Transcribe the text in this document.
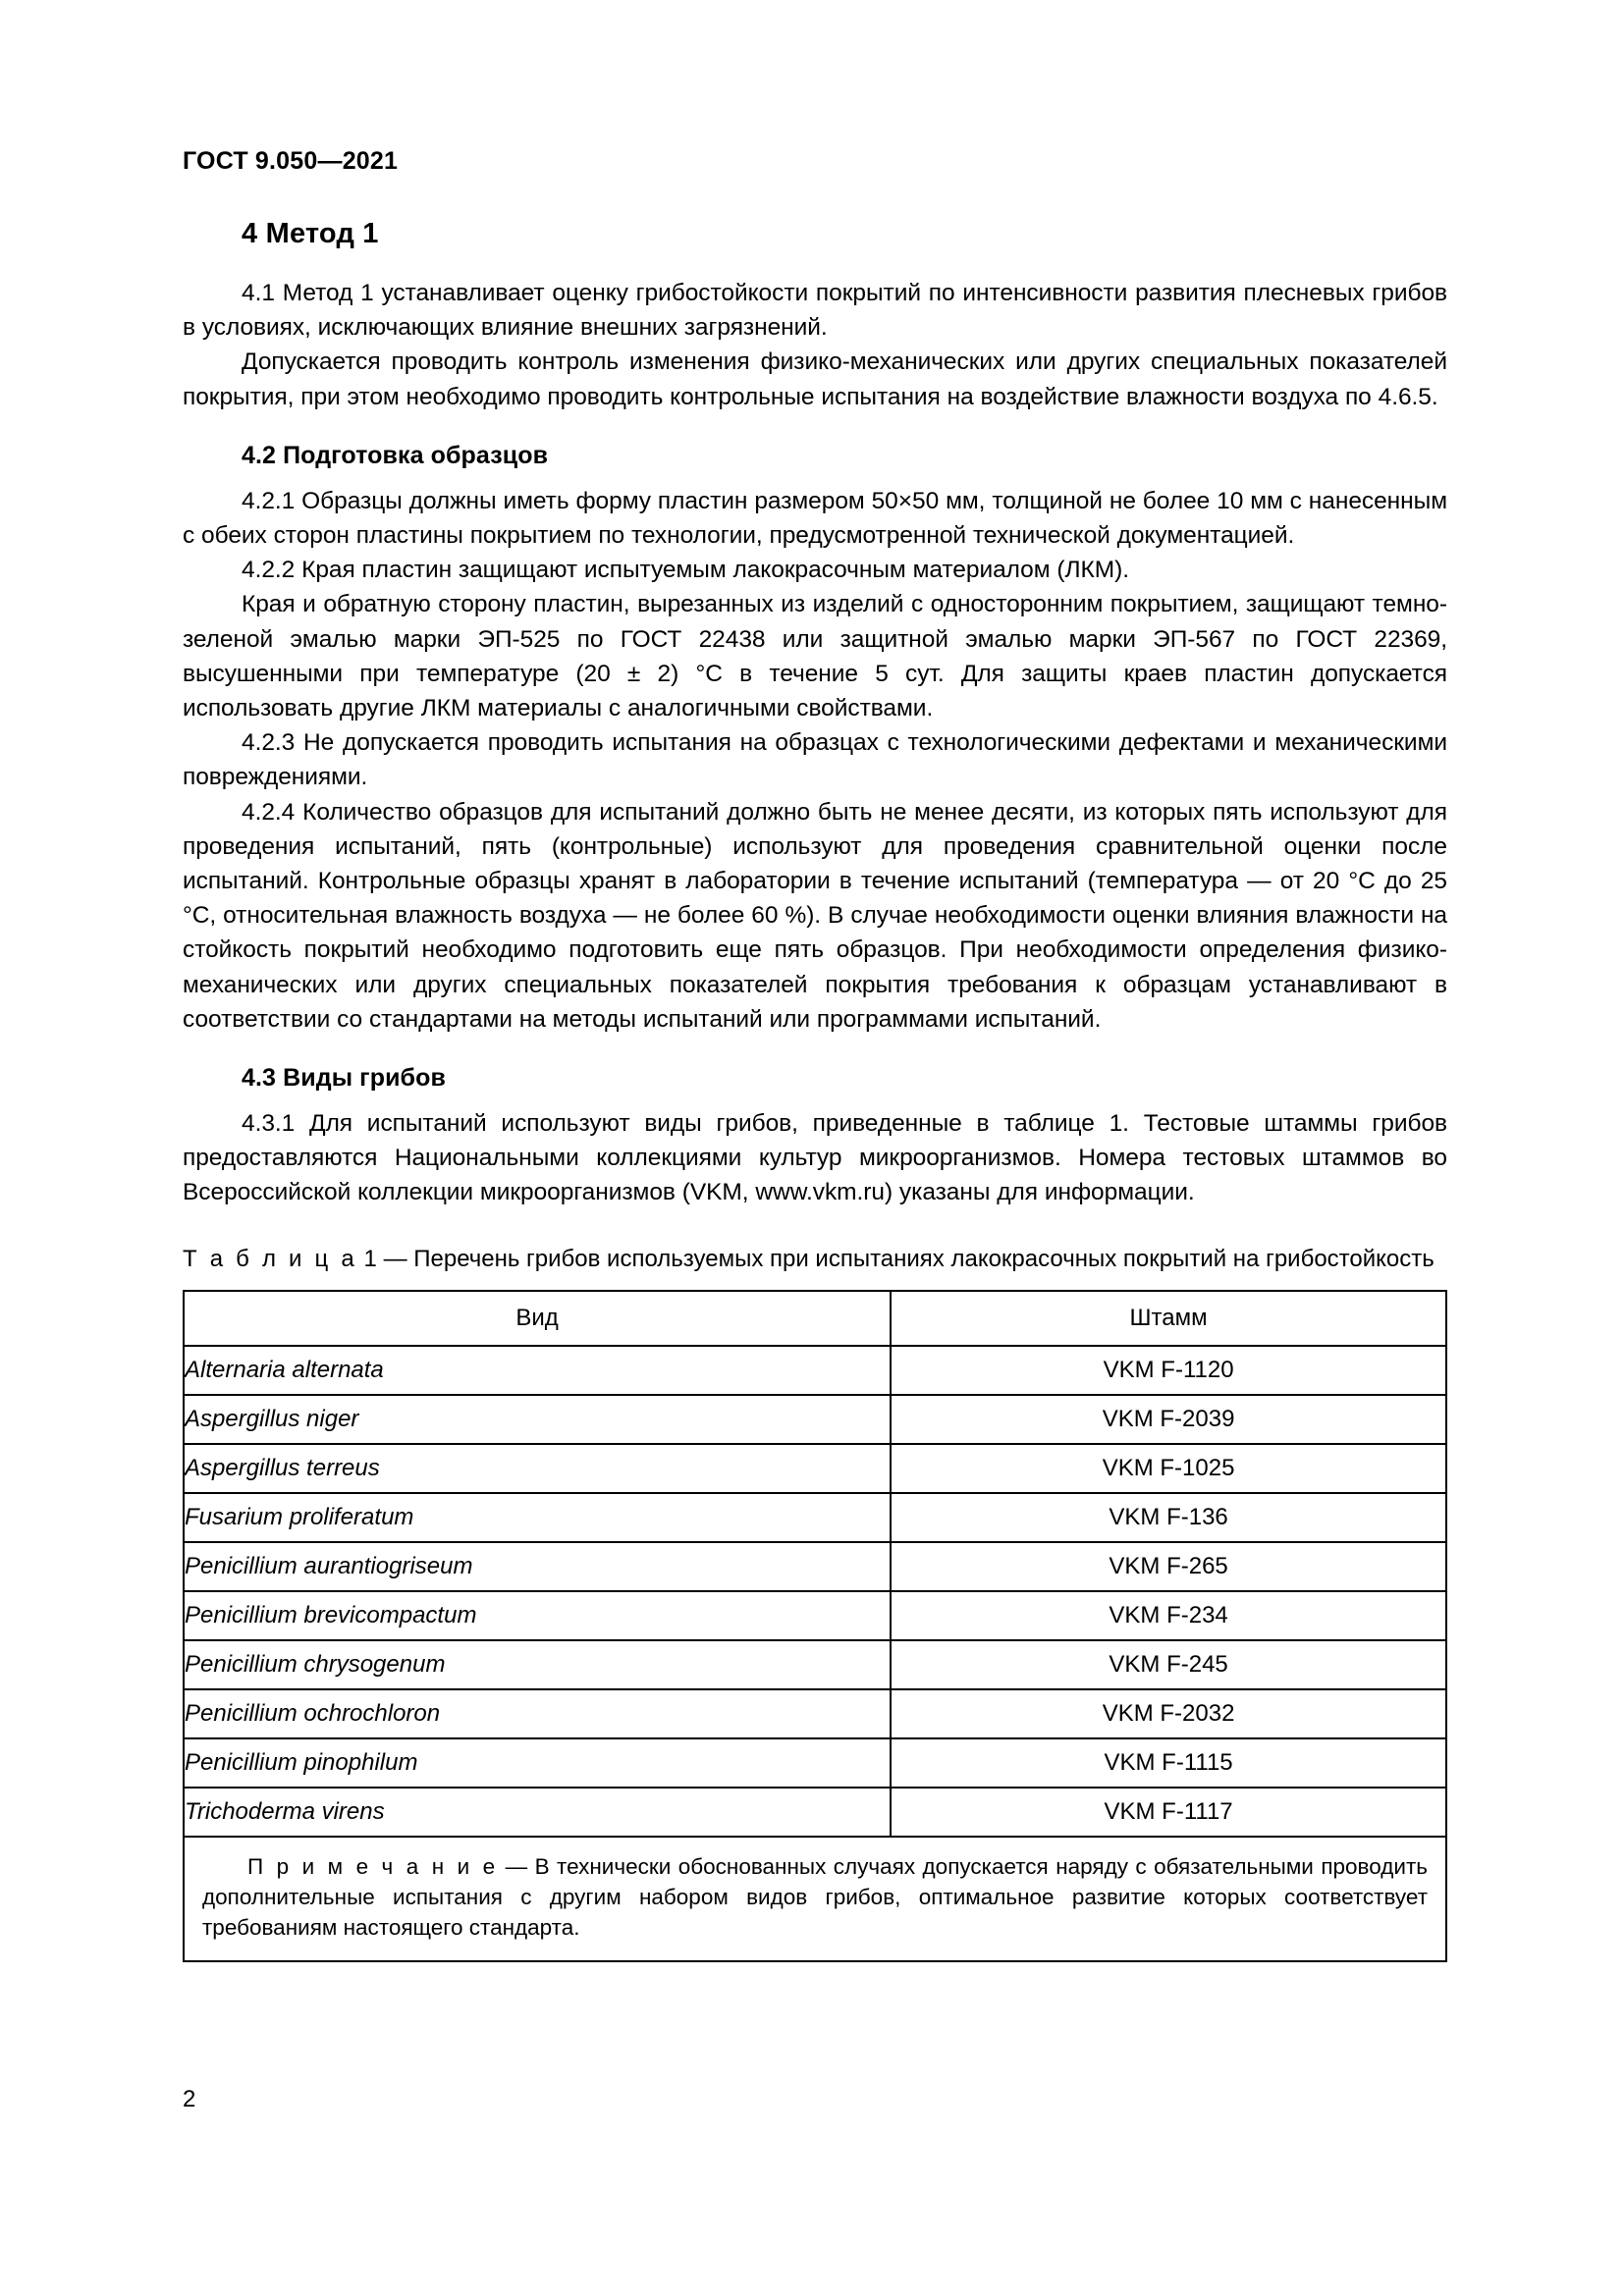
ГОСТ 9.050—2021
4 Метод 1

4.1 Метод 1 устанавливает оценку грибостойкости покрытий по интенсивности развития плесневых грибов в условиях, исключающих влияние внешних загрязнений.

Допускается проводить контроль изменения физико-механических или других специальных показателей покрытия, при этом необходимо проводить контрольные испытания на воздействие влажности воздуха по 4.6.5.

4.2 Подготовка образцов

4.2.1 Образцы должны иметь форму пластин размером 50×50 мм, толщиной не более 10 мм с нанесенным с обеих сторон пластины покрытием по технологии, предусмотренной технической документацией.

4.2.2 Края пластин защищают испытуемым лакокрасочным материалом (ЛКМ).

Края и обратную сторону пластин, вырезанных из изделий с односторонним покрытием, защищают темно-зеленой эмалью марки ЭП-525 по ГОСТ 22438 или защитной эмалью марки ЭП-567 по ГОСТ 22369, высушенными при температуре (20 ± 2) °С в течение 5 сут. Для защиты краев пластин допускается использовать другие ЛКМ материалы с аналогичными свойствами.

4.2.3 Не допускается проводить испытания на образцах с технологическими дефектами и механическими повреждениями.

4.2.4 Количество образцов для испытаний должно быть не менее десяти, из которых пять используют для проведения испытаний, пять (контрольные) используют для проведения сравнительной оценки после испытаний. Контрольные образцы хранят в лаборатории в течение испытаний (температура — от 20 °С до 25 °С, относительная влажность воздуха — не более 60 %). В случае необходимости оценки влияния влажности на стойкость покрытий необходимо подготовить еще пять образцов. При необходимости определения физико-механических или других специальных показателей покрытия требования к образцам устанавливают в соответствии со стандартами на методы испытаний или программами испытаний.

4.3 Виды грибов

4.3.1 Для испытаний используют виды грибов, приведенные в таблице 1. Тестовые штаммы грибов предоставляются Национальными коллекциями культур микроорганизмов. Номера тестовых штаммов во Всероссийской коллекции микроорганизмов (VKM, www.vkm.ru) указаны для информации.

Т а б л и ц а 1 — Перечень грибов используемых при испытаниях лакокрасочных покрытий на грибостойкость
Вид	Штамм
Alternaria alternata	VKM F-1120
Aspergillus niger	VKM F-2039
Aspergillus terreus	VKM F-1025
Fusarium proliferatum	VKM F-136
Penicillium aurantiogriseum	VKM F-265
Penicillium brevicompactum	VKM F-234
Penicillium chrysogenum	VKM F-245
Penicillium ochrochloron	VKM F-2032
Penicillium pinophilum	VKM F-1115
Trichoderma virens	VKM F-1117

П р и м е ч а н и е — В технически обоснованных случаях допускается наряду с обязательными проводить дополнительные испытания с другим набором видов грибов, оптимальное развитие которых соответствует требованиям настоящего стандарта.	
2
